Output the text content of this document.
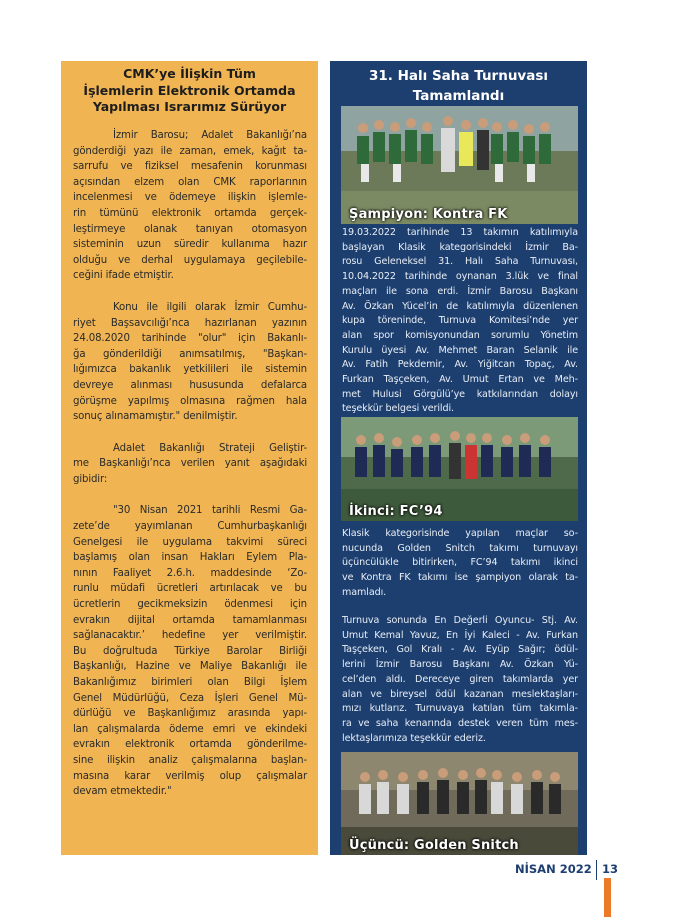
CMK’ye İlişkin Tüm
İşlemlerin Elektronik Ortamda
Yapılması Israrımız Sürüyor
İzmir Barosu; Adalet Bakanlığı’na
gönderdiği yazı ile zaman, emek, kağıt ta-
sarrufu ve fiziksel mesafenin korunması
açısından elzem olan CMK raporlarının
incelenmesi ve ödemeye ilişkin işlemle-
rin tümünü elektronik ortamda gerçek-
leştirmeye olanak tanıyan otomasyon
sisteminin uzun süredir kullanıma hazır
olduğu ve derhal uygulamaya geçilebile-
ceğini ifade etmiştir.
Konu ile ilgili olarak İzmir Cumhu-
riyet Başsavcılığı’nca hazırlanan yazının
24.08.2020 tarihinde "olur" için Bakanlı-
ğa gönderildiği anımsatılmış, "Başkan-
lığımızca bakanlık yetkilileri ile sistemin
devreye alınması hususunda defalarca
görüşme yapılmış olmasına rağmen hala
sonuç alınamamıştır." denilmiştir.
Adalet Bakanlığı Strateji Geliştir-
me Başkanlığı’nca verilen yanıt aşağıdaki
gibidir:
"30 Nisan 2021 tarihli Resmi Ga-
zete’de yayımlanan Cumhurbaşkanlığı
Genelgesi ile uygulama takvimi süreci
başlamış olan insan Hakları Eylem Pla-
nının Faaliyet 2.6.h. maddesinde ‘Zo-
runlu müdafi ücretleri artırılacak ve bu
ücretlerin gecikmeksizin ödenmesi için
evrakın dijital ortamda tamamlanması
sağlanacaktır.’ hedefine yer verilmiştir.
Bu doğrultuda Türkiye Barolar Birliği
Başkanlığı, Hazine ve Maliye Bakanlığı ile
Bakanlığımız birimleri olan Bilgi İşlem
Genel Müdürlüğü, Ceza İşleri Genel Mü-
dürlüğü ve Başkanlığımız arasında yapı-
lan çalışmalarda ödeme emri ve ekindeki
evrakın elektronik ortamda gönderilme-
sine ilişkin analiz çalışmalarına başlan-
masına karar verilmiş olup çalışmalar
devam etmektedir."
31. Halı Saha Turnuvası
Tamamlandı
Şampiyon: Kontra FK
19.03.2022 tarihinde 13 takımın katılımıyla
başlayan Klasik kategorisindeki İzmir Ba-
rosu Geleneksel 31. Halı Saha Turnuvası,
10.04.2022 tarihinde oynanan 3.lük ve final
maçları ile sona erdi. İzmir Barosu Başkanı
Av. Özkan Yücel’in de katılımıyla düzenlenen
kupa töreninde, Turnuva Komitesi’nde yer
alan spor komisyonundan sorumlu Yönetim
Kurulu üyesi Av. Mehmet Baran Selanik ile
Av. Fatih Pekdemir, Av. Yiğitcan Topaç, Av.
Furkan Taşçeken, Av. Umut Ertan ve Meh-
met Hulusi Görgülü’ye katkılarından dolayı
teşekkür belgesi verildi.
İkinci: FC’94
Klasik kategorisinde yapılan maçlar so-
nucunda Golden Snitch takımı turnuvayı
üçüncülükle bitirirken, FC’94 takımı ikinci
ve Kontra FK takımı ise şampiyon olarak ta-
mamladı.
Turnuva sonunda En Değerli Oyuncu- Stj. Av.
Umut Kemal Yavuz, En İyi Kaleci - Av. Furkan
Taşçeken, Gol Kralı - Av. Eyüp Sağır; ödül-
lerini İzmir Barosu Başkanı Av. Özkan Yü-
cel’den aldı. Dereceye giren takımlarda yer
alan ve bireysel ödül kazanan meslektaşları-
mızı kutlarız. Turnuvaya katılan tüm takımla-
ra ve saha kenarında destek veren tüm mes-
lektaşlarımıza teşekkür ederiz.
Üçüncü: Golden Snitch
NİSAN 2022 13
